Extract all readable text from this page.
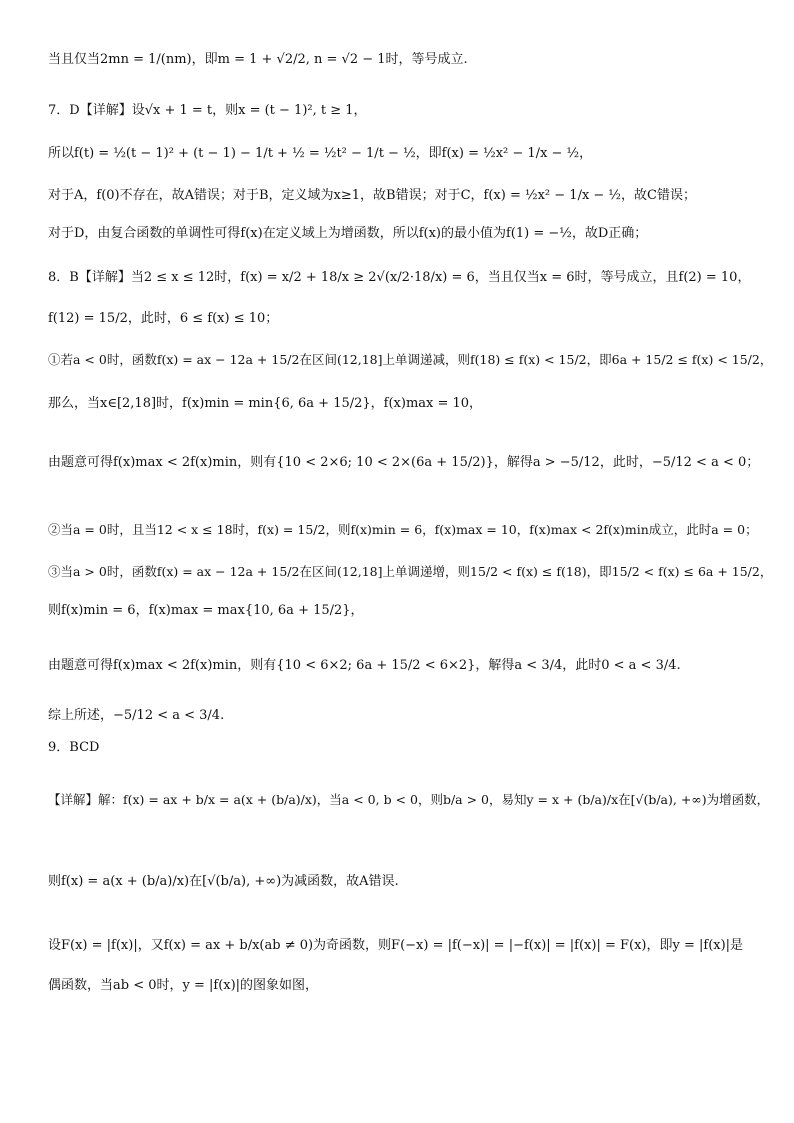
当且仅当2mn = 1/(nm)，即m = 1 + √2/2, n = √2 − 1时，等号成立.
7．D【详解】设√x + 1 = t，则x = (t − 1)², t ≥ 1，
所以f(t) = ½(t − 1)² + (t − 1) − 1/t + ½ = ½t² − 1/t − ½，即f(x) = ½x² − 1/x − ½，
对于A，f(0)不存在，故A错误；对于B，定义域为x≥1，故B错误；对于C，f(x) = ½x² − 1/x − ½，故C错误；
对于D，由复合函数的单调性可得f(x)在定义域上为增函数，所以f(x)的最小值为f(1) = −½，故D正确；
8．B【详解】当2 ≤ x ≤ 12时，f(x) = x/2 + 18/x ≥ 2√(x/2·18/x) = 6，当且仅当x = 6时，等号成立，且f(2) = 10，
f(12) = 15/2，此时，6 ≤ f(x) ≤ 10；
①若a < 0时，函数f(x) = ax − 12a + 15/2在区间(12,18]上单调递减，则f(18) ≤ f(x) < 15/2，即6a + 15/2 ≤ f(x) < 15/2，
那么，当x∈[2,18]时，f(x)min = min{6, 6a + 15/2}，f(x)max = 10，
由题意可得f(x)max < 2f(x)min，则有{10 < 2×6; 10 < 2×(6a + 15/2)}，解得a > −5/12，此时，−5/12 < a < 0；
②当a = 0时，且当12 < x ≤ 18时，f(x) = 15/2，则f(x)min = 6，f(x)max = 10，f(x)max < 2f(x)min成立，此时a = 0；
③当a > 0时，函数f(x) = ax − 12a + 15/2在区间(12,18]上单调递增，则15/2 < f(x) ≤ f(18)，即15/2 < f(x) ≤ 6a + 15/2，
则f(x)min = 6，f(x)max = max{10, 6a + 15/2}，
由题意可得f(x)max < 2f(x)min，则有{10 < 6×2; 6a + 15/2 < 6×2}，解得a < 3/4，此时0 < a < 3/4.
综上所述，−5/12 < a < 3/4.
9．BCD
【详解】解：f(x) = ax + b/x = a(x + (b/a)/x)，当a < 0, b < 0，则b/a > 0，易知y = x + (b/a)/x在[√(b/a), +∞)为增函数，
则f(x) = a(x + (b/a)/x)在[√(b/a), +∞)为减函数，故A错误.
设F(x) = |f(x)|，又f(x) = ax + b/x(ab ≠ 0)为奇函数，则F(−x) = |f(−x)| = |−f(x)| = |f(x)| = F(x)，即y = |f(x)|是
偶函数，当ab < 0时，y = |f(x)|的图象如图，
